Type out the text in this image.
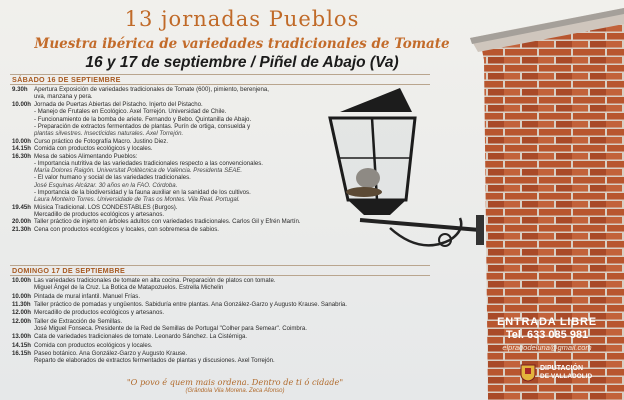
13 jornadas Pueblos
Muestra ibérica de variedades tradicionales de Tomate
16 y 17 de septiembre / Piñel de Abajo (Va)
SÁBADO 16 DE SEPTIEMBRE
9.30h Apertura Exposición de variedades tradicionales de Tomate (600), pimiento, berenjena,
uva, manzana y pera.
10.00h Jornada de Puertas Abiertas del Pistacho. Injerto del Pistacho.
- Manejo de Frutales en Ecológico. Axel Torrejón. Universidad de Chile.
- Funcionamiento de la bomba de ariete. Fernando y Bebo. Quintanilla de Abajo.
- Preparación de extractos fermentados de plantas. Purín de ortiga, consuelda y
plantas silvestres. Insecticidas naturales. Axel Torrejón.
10.00h Curso práctico de Fotografía Macro. Justino Diez.
14.15h Comida con productos ecológicos y locales.
16.30h Mesa de sabios Alimentando Pueblos:
- Importancia nutritiva de las variedades tradicionales respecto a las convencionales.
María Dolores Raigón. Universitat Politècnica de València. Presidenta SEAE.
- El valor humano y social de las variedades tradicionales.
José Esquinas Alcázar. 30 años en la FAO. Córdoba.
- Importancia de la biodiversidad y la fauna auxiliar en la sanidad de los cultivos.
Laura Monteiro Torres. Universidade de Tras os Montes. Vila Real. Portugal.
19.45h Música Tradicional. LOS CONDESTABLES (Burgos).
Mercadillo de productos ecológicos y artesanos.
20.00h Taller práctico de injerto en árboles adultos con variedades tradicionales. Carlos Gil y Efrén Martín.
21.30h Cena con productos ecológicos y locales, con sobremesa de sabios.
DOMINGO 17 DE SEPTIEMBRE
10.00h Las variedades tradicionales de tomate en alta cocina. Preparación de platos con tomate.
Miguel Ángel de la Cruz. La Botica de Matapozuelos. Estrella Michelin
10.00h Pintada de mural infantil. Manuel Frías.
11.30h Taller práctico de pomadas y ungüentos. Sabiduría entre plantas. Ana González-Garzo y Augusto Krause. Sanabria.
12.00h Mercadillo de productos ecológicos y artesanos.
12.00h Taller de Extracción de Semillas.
José Miguel Fonseca. Presidente de la Red de Semillas de Portugal "Colher para Semear". Coimbra.
13.00h Cata de variedades tradicionales de tomate. Leonardo Sánchez. La Cistérniga.
14.15h Comida con productos ecológicos y locales.
16.15h Paseo botánico. Ana González-Garzo y Augusto Krause.
Reparto de elaborados de extractos fermentados de plantas y discusiones. Axel Torrejón.
"O povo é quem mais ordena. Dentro de ti ó cidade"
(Grândola Vila Morena. Zeca Afonso)
ENTRADA LIBRE
Tel. 633 085 981
elpradodeluna@gmail.com
DIPUTACIÓN
DE VALLADOLID
